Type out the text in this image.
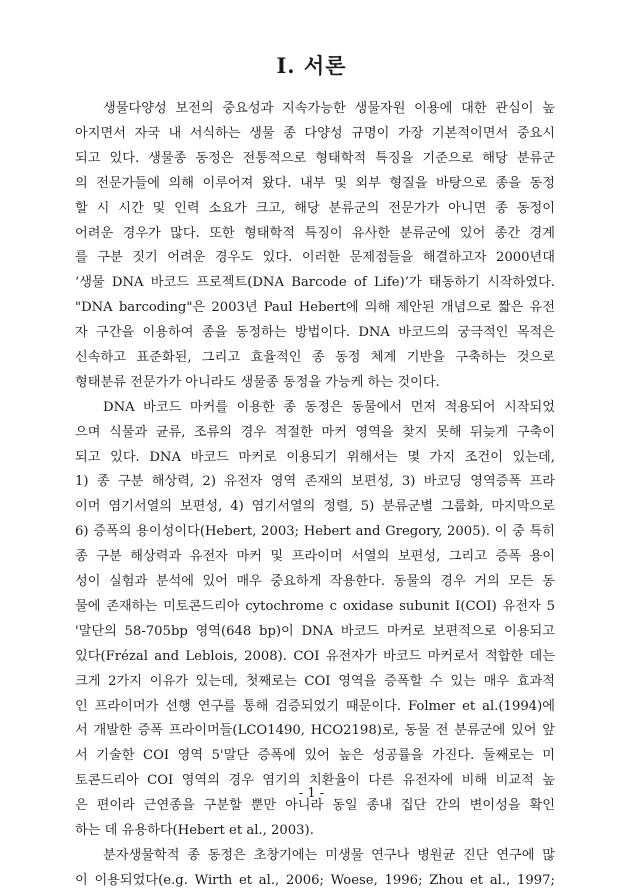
I. 서론
생물다양성 보전의 중요성과 지속가능한 생물자원 이용에 대한 관심이 높
아지면서 자국 내 서식하는 생물 종 다양성 규명이 가장 기본적이면서 중요시
되고 있다. 생물종 동정은 전통적으로 형태학적 특징을 기준으로 해당 분류군
의 전문가들에 의해 이루어져 왔다. 내부 및 외부 형질을 바탕으로 종을 동정
할 시 시간 및 인력 소요가 크고, 해당 분류군의 전문가가 아니면 종 동정이
어려운 경우가 많다. 또한 형태학적 특징이 유사한 분류군에 있어 종간 경계
를 구분 짓기 어려운 경우도 있다. 이러한 문제점들을 해결하고자 2000년대
‘생물 DNA 바코드 프로젝트(DNA Barcode of Life)’가 태동하기 시작하였다.
"DNA barcoding"은 2003년 Paul Hebert에 의해 제안된 개념으로 짧은 유전
자 구간을 이용하여 종을 동정하는 방법이다. DNA 바코드의 궁극적인 목적은
신속하고 표준화된, 그리고 효율적인 종 동정 체계 기반을 구축하는 것으로
형태분류 전문가가 아니라도 생물종 동정을 가능케 하는 것이다.
DNA 바코드 마커를 이용한 종 동정은 동물에서 먼저 적용되어 시작되었
으며 식물과 균류, 조류의 경우 적절한 마커 영역을 찾지 못해 뒤늦게 구축이
되고 있다. DNA 바코드 마커로 이용되기 위해서는 몇 가지 조건이 있는데,
1) 종 구분 해상력, 2) 유전자 영역 존재의 보편성, 3) 바코딩 영역증폭 프라
이머 염기서열의 보편성, 4) 염기서열의 정렬, 5) 분류군별 그룹화, 마지막으로
6) 증폭의 용이성이다(Hebert, 2003; Hebert and Gregory, 2005). 이 중 특히
종 구분 해상력과 유전자 마커 및 프라이머 서열의 보편성, 그리고 증폭 용이
성이 실험과 분석에 있어 매우 중요하게 작용한다. 동물의 경우 거의 모든 동
물에 존재하는 미토콘드리아 cytochrome c oxidase subunit I(COI) 유전자 5
'말단의 58-705bp 영역(648 bp)이 DNA 바코드 마커로 보편적으로 이용되고
있다(Frézal and Leblois, 2008). COI 유전자가 바코드 마커로서 적합한 데는
크게 2가지 이유가 있는데, 첫째로는 COI 영역을 증폭할 수 있는 매우 효과적
인 프라이머가 선행 연구를 통해 검증되었기 때문이다. Folmer et al.(1994)에
서 개발한 증폭 프라이머들(LCO1490, HCO2198)로, 동물 전 분류군에 있어 앞
서 기술한 COI 영역 5'말단 증폭에 있어 높은 성공률을 가진다. 둘째로는 미
토콘드리아 COI 영역의 경우 염기의 치환율이 다른 유전자에 비해 비교적 높
은 편이라 근연종을 구분할 뿐만 아니라 동일 종내 집단 간의 변이성을 확인
하는 데 유용하다(Hebert et al., 2003).
분자생물학적 종 동정은 초창기에는 미생물 연구나 병원균 진단 연구에 많
이 이용되었다(e.g. Wirth et al., 2006; Woese, 1996; Zhou et al., 1997;
- 1 -
